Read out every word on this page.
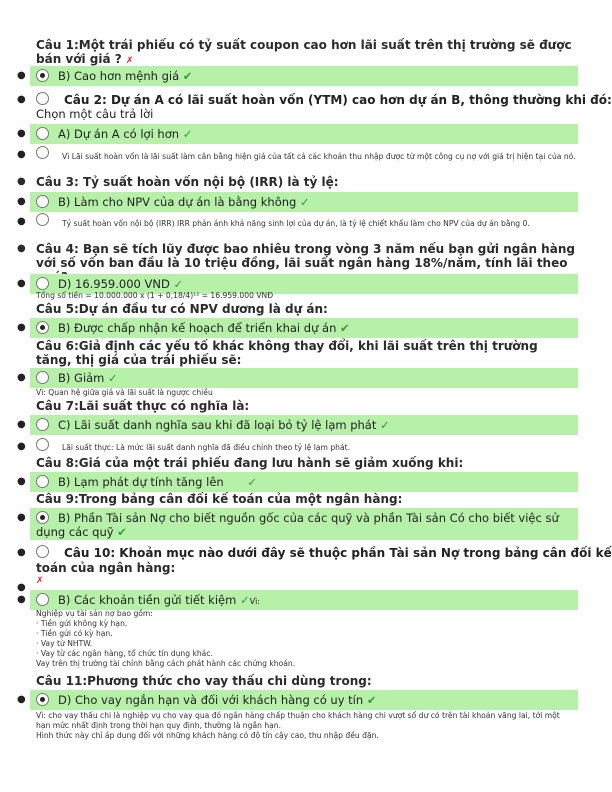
Câu 1:Một trái phiếu có tỷ suất coupon cao hơn lãi suất trên thị trường sẽ được bán với giá ? ✗
●	B) Cao hơn mệnh giá ✔
●	Câu 2: Dự án A có lãi suất hoàn vốn (YTM) cao hơn dự án B, thông thường khi đó:
Chọn một câu trả lời
●	A) Dự án A có lợi hơn ✓
●	Vì Lãi suất hoàn vốn là lãi suất làm cân bằng hiện giá của tất cả các khoản thu nhập được từ một công cụ nợ với giá trị hiện tại của nó.
● Câu 3: Tỷ suất hoàn vốn nội bộ (IRR) là tỷ lệ:
●	B) Làm cho NPV của dự án là bằng không ✓
●	Tỷ suất hoàn vốn nội bộ (IRR) IRR phản ánh khả năng sinh lợi của dự án, là tỷ lệ chiết khấu làm cho NPV của dự án bằng 0.
● Câu 4: Bạn sẽ tích lũy được bao nhiêu trong vòng 3 năm nếu bạn gửi ngân hàng với số vốn ban đầu là 10 triệu đồng, lãi suất ngân hàng 18%/năm, tính lãi theo
●	D) 16.959.000 VND ✓
Tổng số tiền = 10.000.000 x (1 + 0,18/4)¹² = 16.959.000 VNĐ
Câu 5:Dự án đầu tư có NPV dương là dự án:
●	B) Được chấp nhận kế hoạch để triển khai dự án ✔
Câu 6:Giả định các yếu tố khác không thay đổi, khi lãi suất trên thị trường tăng, thị giá của trái phiếu sẽ:
●	B) Giảm ✓
Vì: Quan hệ giữa giá và lãi suất là ngược chiều
Câu 7:Lãi suất thực có nghĩa là:
●	C) Lãi suất danh nghĩa sau khi đã loại bỏ tỷ lệ lạm phát ✓
●	Lãi suất thực: Là mức lãi suất danh nghĩa đã điều chỉnh theo tỷ lệ lạm phát.
Câu 8:Giá của một trái phiếu đang lưu hành sẽ giảm xuống khi:
●	B) Lạm phát dự tính tăng lên ✓
Câu 9:Trong bảng cân đối kế toán của một ngân hàng:
●	B) Phần Tài sản Nợ cho biết nguồn gốc của các quỹ và phần Tài sản Có cho biết việc sử
dụng các quỹ ✔
●	Câu 10: Khoản mục nào dưới đây sẽ thuộc phần Tài sản Nợ trong bảng cân đối kế
toán của ngân hàng:
✗
●
●	B) Các khoản tiền gửi tiết kiệm ✓Vì:
Nghiệp vụ tài sản nợ bao gồm:
· Tiền gửi không kỳ hạn.
· Tiền gửi có kỳ hạn.
· Vay từ NHTW.
· Vay từ các ngân hàng, tổ chức tín dụng khác.
Vay trên thị trường tài chính bằng cách phát hành các chứng khoán.
Câu 11:Phương thức cho vay thấu chi dùng trong:
●	D) Cho vay ngắn hạn và đối với khách hàng có uy tín ✔
Vì: cho vay thấu chi là nghiệp vụ cho vay qua đó ngân hàng chấp thuận cho khách hàng chi vượt số dư có trên tài khoản vãng lai, tới một hạn mức nhất định trong thời hạn quy định, thường là ngắn hạn.
Hình thức này chỉ áp dụng đối với những khách hàng có độ tín cậy cao, thu nhập đều đặn.
